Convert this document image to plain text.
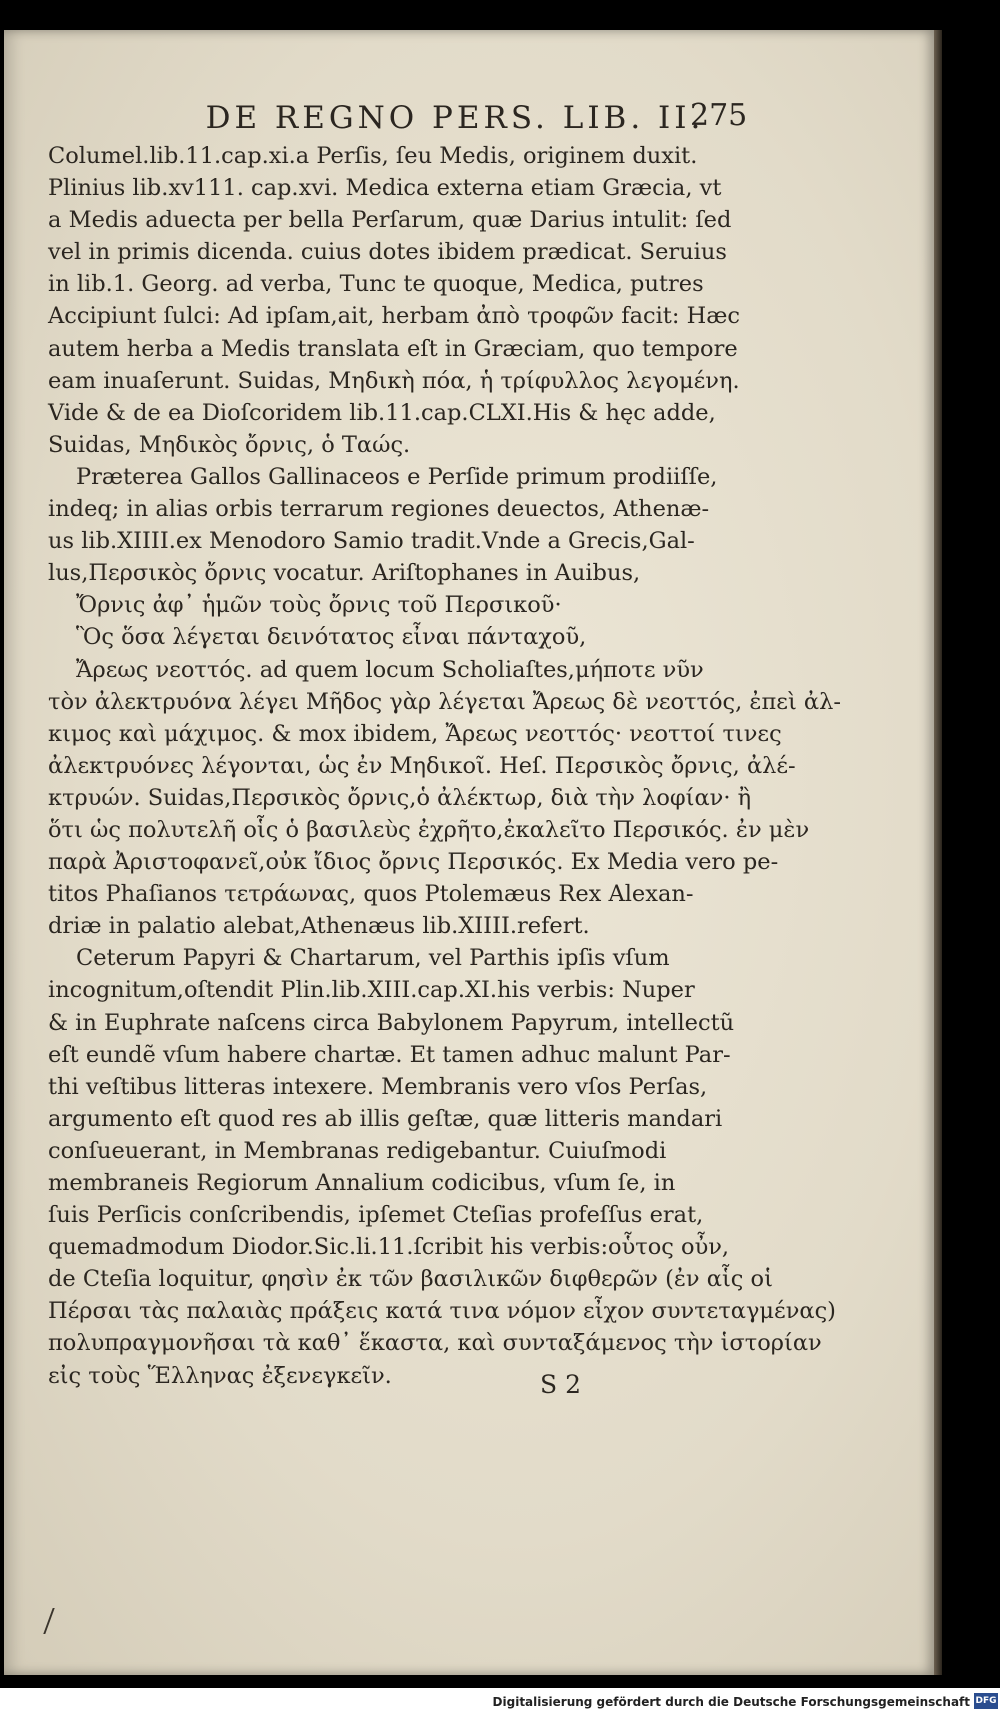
DE REGNO PERS. LIB. II.
275
Columel.lib.11.cap.xi.a Perſis, ſeu Medis, originem duxit.
Plinius lib.xv111. cap.xvi. Medica externa etiam Græcia, vt
a Medis aduecta per bella Perſarum, quæ Darius intulit: ſed
vel in primis dicenda. cuius dotes ibidem prædicat. Seruius
in lib.1. Georg. ad verba, Tunc te quoque, Medica, putres
Accipiunt ſulci: Ad ipſam,ait, herbam ἀπὸ τροφῶν facit: Hæc
autem herba a Medis translata eſt in Græciam, quo tempore
eam inuaſerunt. Suidas, Μηδικὴ πόα, ἡ τρίφυλλος λεγομένη.
Vide & de ea Dioſcoridem lib.11.cap.CLXI.His & hęc adde,
Suidas, Μηδικὸς ὄρνις, ὁ Ταώς.
Præterea Gallos Gallinaceos e Perſide primum prodiiſſe,
indeq; in alias orbis terrarum regiones deuectos, Athenæ-
us lib.XIIII.ex Menodoro Samio tradit.Vnde a Grecis,Gal-
lus,Περσικὸς ὄρνις vocatur. Ariſtophanes in Auibus,
Ὄρνις ἀφ᾽ ἡμῶν τοὺς ὄρνις τοῦ Περσικοῦ·
Ὃς ὅσα λέγεται δεινότατος εἶναι πάνταχοῦ,
Ἄρεως νεοττός. ad quem locum Scholiaſtes,μήποτε νῦν
τὸν ἀλεκτρυόνα λέγει Μῆδος γὰρ λέγεται Ἄρεως δὲ νεοττός, ἐπεὶ ἀλ-
κιμος καὶ μάχιμος. & mox ibidem, Ἄρεως νεοττός· νεοττοί τινες
ἀλεκτρυόνες λέγονται, ὡς ἐν Μηδικοῖ. Heſ. Περσικὸς ὄρνις, ἀλέ-
κτρυών. Suidas,Περσικὸς ὄρνις,ὁ ἀλέκτωρ, διὰ τὴν λοφίαν· ἢ
ὅτι ὡς πολυτελῆ οἷς ὁ βασιλεὺς ἐχρῆτο,ἐκαλεῖτο Περσικός. ἐν μὲν
παρὰ Ἀριστοφανεῖ,οὐκ ἴδιος ὄρνις Περσικός. Ex Media vero pe-
titos Phaſianos τετράωνας, quos Ptolemæus Rex Alexan-
driæ in palatio alebat,Athenæus lib.XIIII.refert.
Ceterum Papyri & Chartarum, vel Parthis ipſis vſum
incognitum,oſtendit Plin.lib.XIII.cap.XI.his verbis: Nuper
& in Euphrate naſcens circa Babylonem Papyrum, intellectũ
eſt eundẽ vſum habere chartæ. Et tamen adhuc malunt Par-
thi veſtibus litteras intexere. Membranis vero vſos Perſas,
argumento eſt quod res ab illis geſtæ, quæ litteris mandari
conſueuerant, in Membranas redigebantur. Cuiuſmodi
membraneis Regiorum Annalium codicibus, vſum ſe, in
ſuis Perſicis conſcribendis, ipſemet Cteſias profeſſus erat,
quemadmodum Diodor.Sic.li.11.ſcribit his verbis:οὗτος οὖν,
de Cteſia loquitur, φησὶν ἐκ τῶν βασιλικῶν διφθερῶν (ἐν αἷς οἱ
Πέρσαι τὰς παλαιὰς πράξεις κατά τινα νόμον εἶχον συντεταγμένας)
πολυπραγμονῆσαι τὰ καθ᾽ ἕκαστα, καὶ συνταξάμενος τὴν ἱστορίαν
εἰς τοὺς Ἕλληνας ἐξενεγκεῖν.	S 2
Digitalisierung gefördert durch die Deutsche Forschungsgemeinschaft DFG
